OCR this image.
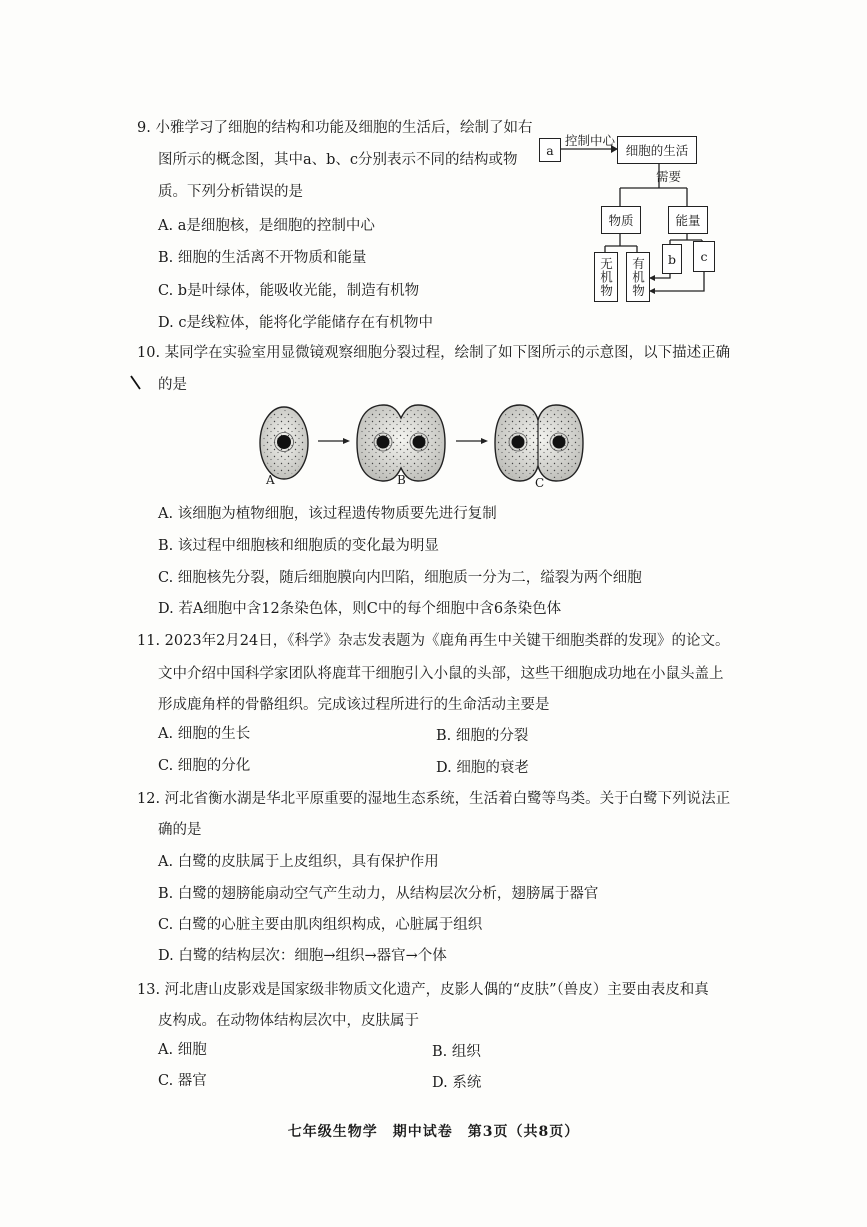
9. 小雅学习了细胞的结构和功能及细胞的生活后，绘制了如右
图所示的概念图，其中a、b、c分别表示不同的结构或物
质。下列分析错误的是
A. a是细胞核，是细胞的控制中心
B. 细胞的生活离不开物质和能量
C. b是叶绿体，能吸收光能，制造有机物
D. c是线粒体，能将化学能储存在有机物中
a
控制中心
细胞的生活
需要
物质	能量
无机物	有机物	b	c
10. 某同学在实验室用显微镜观察细胞分裂过程，绘制了如下图所示的示意图，以下描述正确
的是
A	B	C
A. 该细胞为植物细胞，该过程遗传物质要先进行复制
B. 该过程中细胞核和细胞质的变化最为明显
C. 细胞核先分裂，随后细胞膜向内凹陷，细胞质一分为二，缢裂为两个细胞
D. 若A细胞中含12条染色体，则C中的每个细胞中含6条染色体
11. 2023年2月24日，《科学》杂志发表题为《鹿角再生中关键干细胞类群的发现》的论文。
文中介绍中国科学家团队将鹿茸干细胞引入小鼠的头部，这些干细胞成功地在小鼠头盖上
形成鹿角样的骨骼组织。完成该过程所进行的生命活动主要是
A. 细胞的生长	B. 细胞的分裂
C. 细胞的分化	D. 细胞的衰老
12. 河北省衡水湖是华北平原重要的湿地生态系统，生活着白鹭等鸟类。关于白鹭下列说法正
确的是
A. 白鹭的皮肤属于上皮组织，具有保护作用
B. 白鹭的翅膀能扇动空气产生动力，从结构层次分析，翅膀属于器官
C. 白鹭的心脏主要由肌肉组织构成，心脏属于组织
D. 白鹭的结构层次：细胞→组织→器官→个体
13. 河北唐山皮影戏是国家级非物质文化遗产，皮影人偶的“皮肤”（兽皮）主要由表皮和真
皮构成。在动物体结构层次中，皮肤属于
A. 细胞	B. 组织
C. 器官	D. 系统
七年级生物学　期中试卷　第3页（共8页）
